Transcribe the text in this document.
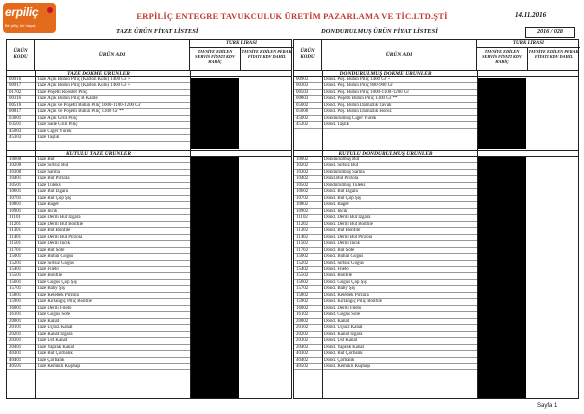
erpiliç
Bir piliç, bir hayat
ERPİLİÇ ENTEGRE TAVUKCULUK ÜRETİM PAZARLAMA VE TİC.LTD.ŞTİ	14.11.2016
TAZE ÜRÜN FİYAT LİSTESİ	DONDURULMUŞ ÜRÜN FİYAT LİSTESİ	2016 / 028
ÜRÜN KODU	ÜRÜN ADI
TÜRK LİRASI
TAVSİYE EDİLEN SERVİS FİYATI KDV HARİÇ
TAVSİYE EDİLEN PERAK. FİYATI KDV DAHİL
TAZE DOKME ÜRÜNLER
00916	Taze Açık Bütün Piliç (Karton Kutu) 1400 Gr +
00917	Taze Açık Bütün Piliç (Karton Kutu) 1400 Gr +
01702	Taze Poşetli Rooster Piliç
00116	Taze Açık Bütün Piliç B Kalite
00516	Taze Açık ve Poşetli Bütün Piliç 1000-1100-1200 Gr
00817	Taze Açık ve Poşetli Bütün Piliç 1300 Gr **
03001	Taze Açık Grill Piliç
03501	Taze Sade Grill Piliç
45003	Taze Ciğer Yürek
45303	Taze Taşlık
KUTULU TAZE ÜRÜNLER
10000	Taze But
10200	Taze Sırtsız But
10300	Taze Sarma
10401	Taze But Pirzola
10501	Taze Tüleks
10601	Taze But İzgara
10701	Taze But Çöp Şiş
10801	Taze Baget
10901	Taze İncik
11101	Taze Derili But İzgara
11201	Taze Derili But Bonfile
11301	Taze But Bonfile
11401	Taze Derili But Pirzola
11501	Taze Derili İncik
11701	Taze But Sote
15001	Taze Bütün Göğüs
15201	Taze Sırtsız Göğüs
15401	Taze Fileto
15501	Taze Bonfile
15601	Taze Göğüs Çöp Şiş
15701	Taze Baby Şiş
15801	Taze Kelebek Pirzola
15901	Taze Kırlangıç Piliç Bonfile
16001	Taze Derili Fileto
16101	Taze Göğüs Sote
20001	Taze Kanat
20101	Taze Uçsuz Kanat
20201	Taze Kanat İzgara
20301	Taze Üst Kanat
20401	Taze Yaprak Kanat
40301	Taze But Çorbalık
40401	Taze Çorbalık
40501	Taze Kemikli Kuşbaşı
ÜRÜN KODU	ÜRÜN ADI
TÜRK LİRASI
TAVSİYE EDİLEN SERVİS FİYATI KDV HARİÇ
TAVSİYE EDİLEN PERAK. FİYATI KDV DAHİL
DONDURULMUŞ DOKME ÜRÜNLER
00903	Dond. Poş. Bütün Piliç 1400 Gr +
00303	Dond. Poş. Bütün Piliç 800-900 Gr
00503	Dond. Poş. Bütün Piliç 1000-1100-1200 Gr
00803	Dond. Poşetli Bütün Piliç 1300 Gr **
05002	Dond. Poş. Bütün Damızlık Tavuk
05006	Dond. Poş. Bütün Damızlık Horoz
45002	Dondurulmuş Ciğer Yürek
45302	Dond. Taşlık
KUTULU DONDURULMUŞ ÜRÜNLER
10002	Dondurulmuş But
10202	Dond. Sırtsız But
10302	Dondurulmuş Sarma
10402	Dond.But Pirzola
10502	Dondurulmuş Tüleks
10602	Dond. But İzgara
10702	Dond. But Çöp Şiş
10802	Dond. Baget
10902	Dond. İncik
11102	Dond. Derili But İzgara
11202	Dond. Derili But Bonfile
11302	Dond. But Bonfile
11402	Dond. Derili But Pirzola
11502	Dond. Derili İncik
11702	Dond. But Sote
15002	Dond. Bütün Göğüs
15202	Dond. Sırtsız Göğüs
15402	Dond. Fileto
15502	Dond. Bonfile
15602	Dond. Göğüs Çöp Şiş
15702	Dond. Baby Şiş
15802	Dond. Kelebek Pirzola
15902	Dond. Kırlangıç Piliç Bonfile
16002	Dond. Derili Fileto
16102	Dond. Göğüs Sote
20002	Dond. Kanat
20102	Dond. Uçsuz Kanat
20202	Dond. Kanat İzgara
20302	Dond. Üst Kanat
20402	Dond. Yaprak Kanat
40302	Dond. But Çorbalık
40402	Dond. Çorbalık
40502	Dond. Kemikli Kuşbaşı
Sayfa 1
